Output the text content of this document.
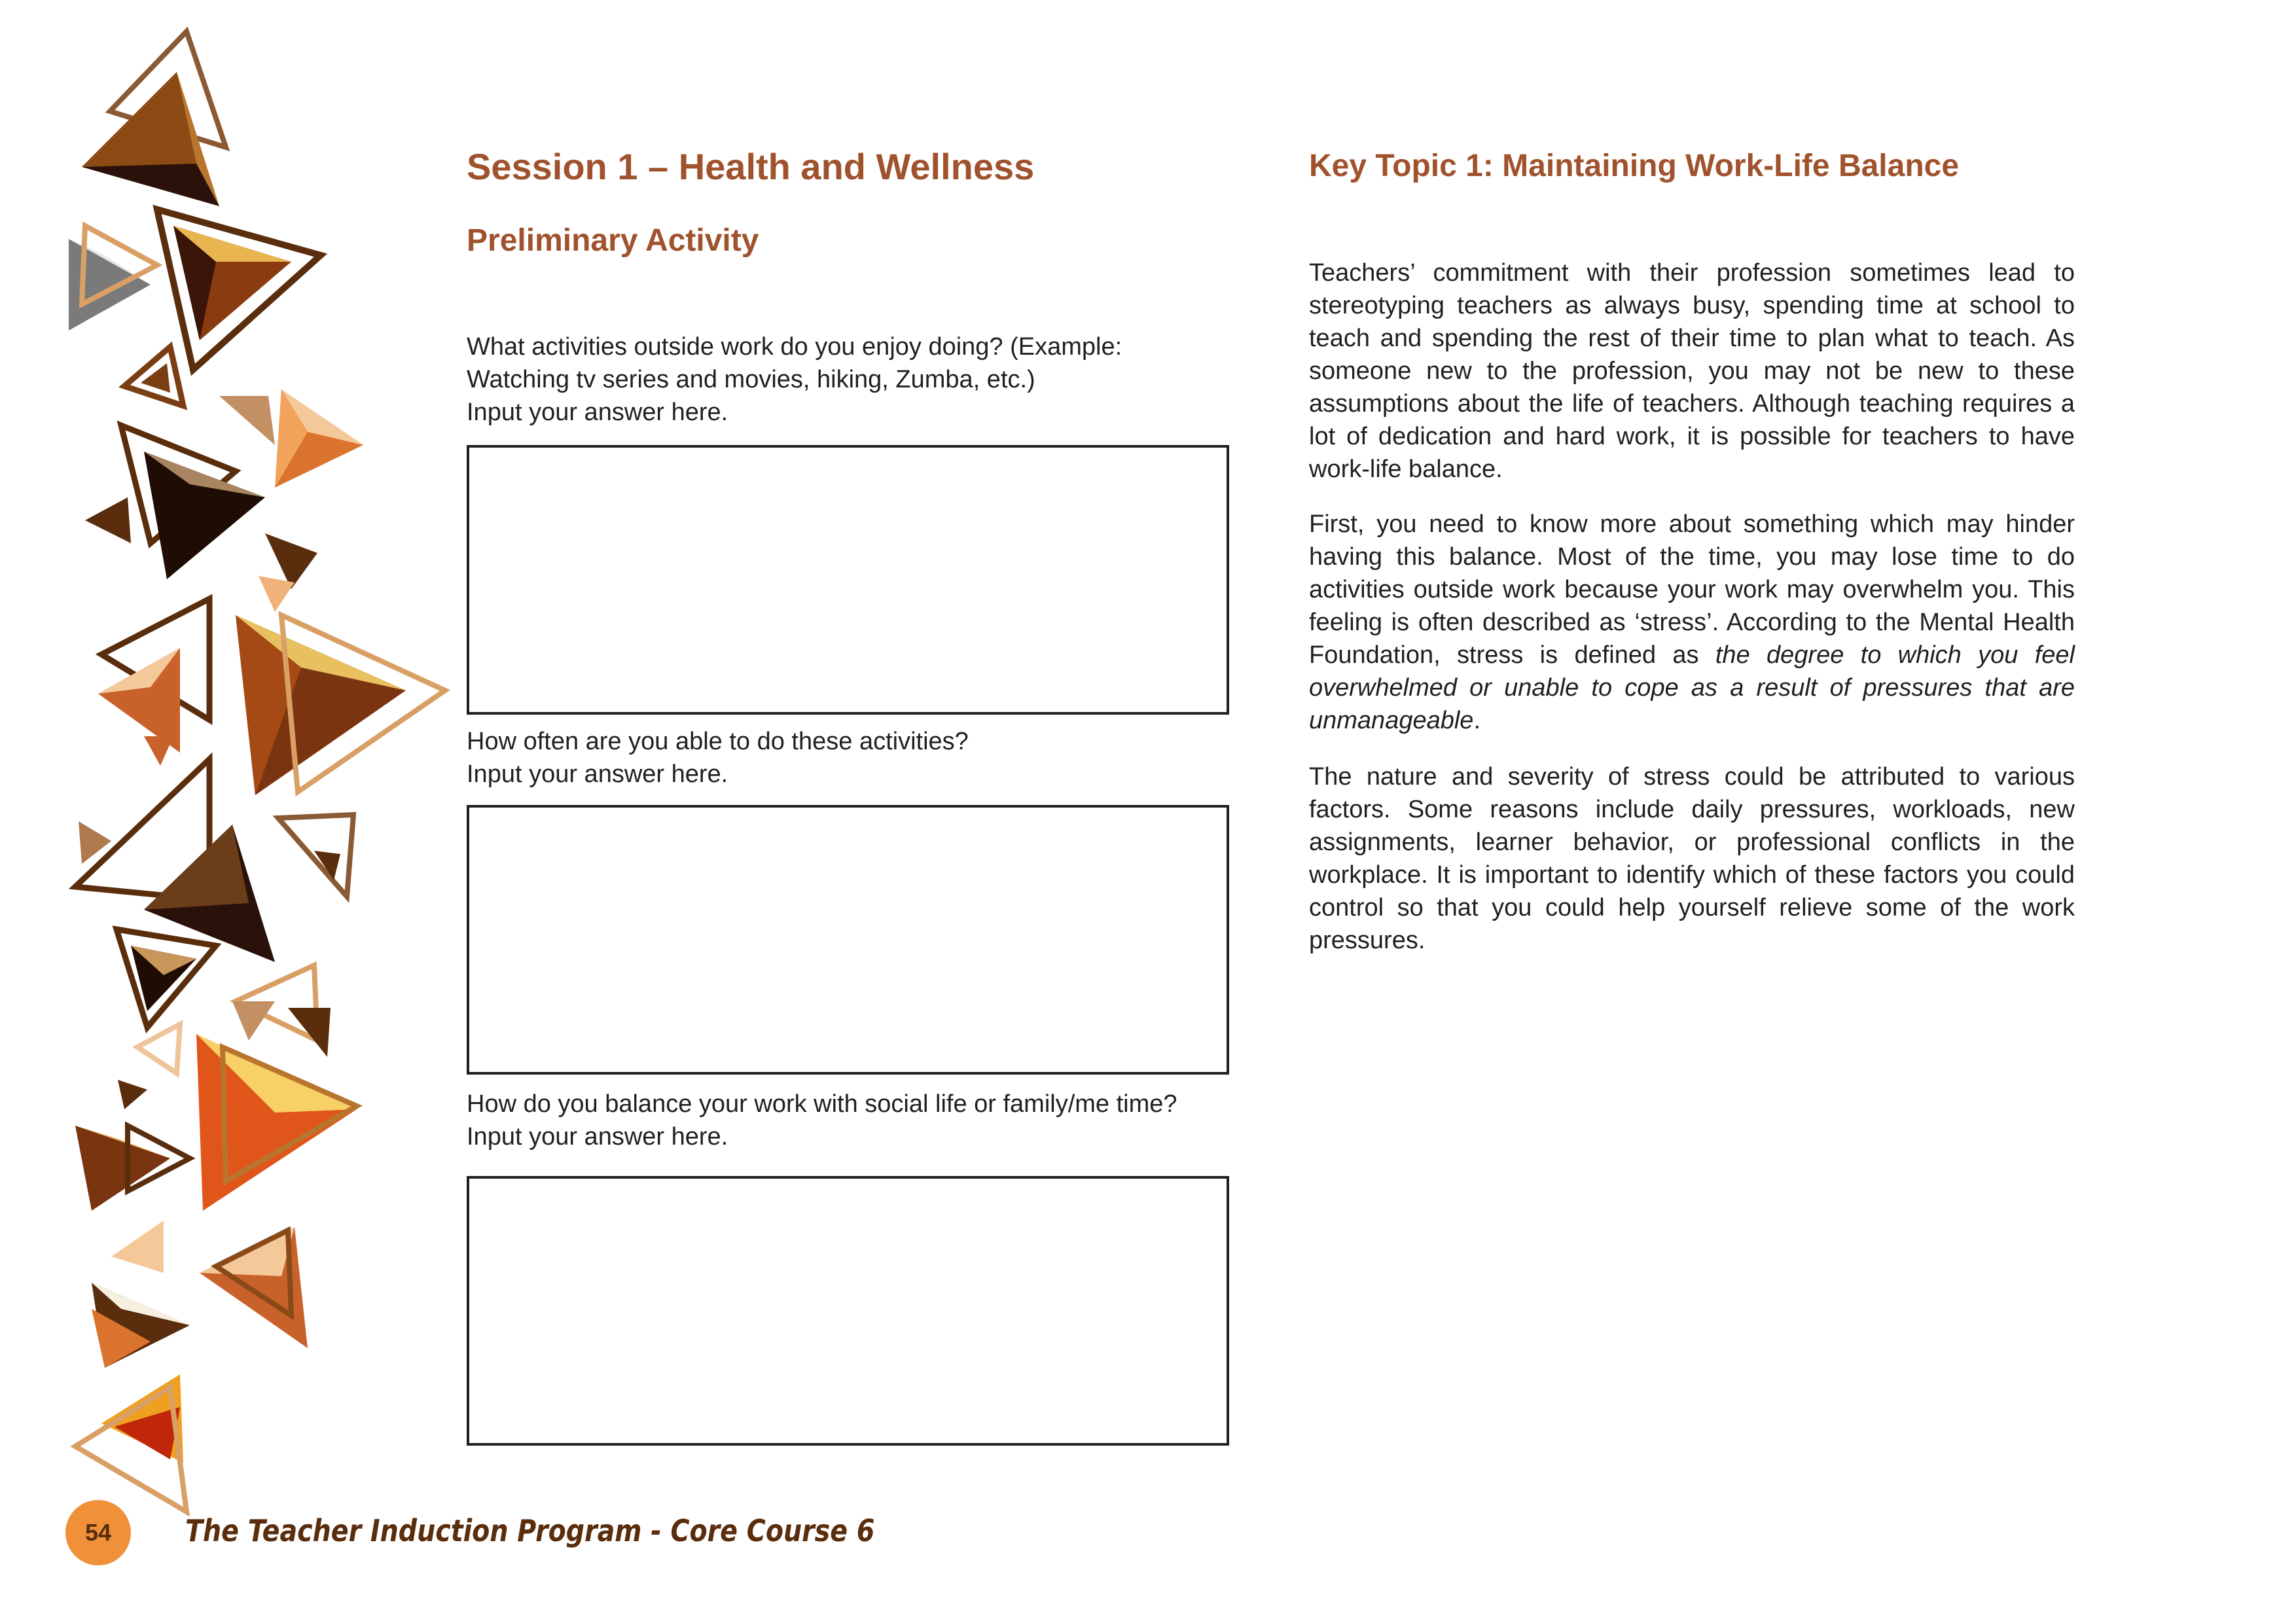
Session 1 – Health and Wellness
Preliminary Activity
What activities outside work do you enjoy doing? (Example:
Watching tv series and movies, hiking, Zumba, etc.)
Input your answer here.
How often are you able to do these activities?
Input your answer here.
How do you balance your work with social life or family/me time?
Input your answer here.
Key Topic 1: Maintaining Work-Life Balance

Teachers’ commitment with their profession sometimes lead to stereotyping teachers as always busy, spending time at school to teach and spending the rest of their time to plan what to teach. As someone new to the profession, you may not be new to these assumptions about the life of teachers. Although teaching requires a lot of dedication and hard work, it is possible for teachers to have work-life balance.

First, you need to know more about something which may hinder having this balance. Most of the time, you may lose time to do activities outside work because your work may overwhelm you. This feeling is often described as ‘stress’. According to the Mental Health Foundation, stress is defined as the degree to which you feel overwhelmed or unable to cope as a result of pressures that are unmanageable.

The nature and severity of stress could be attributed to various factors. Some reasons include daily pressures, workloads, new assignments, learner behavior, or professional conflicts in the workplace. It is important to identify which of these factors you could control so that you could help yourself relieve some of the work pressures.

54 The Teacher Induction Program - Core Course 6
